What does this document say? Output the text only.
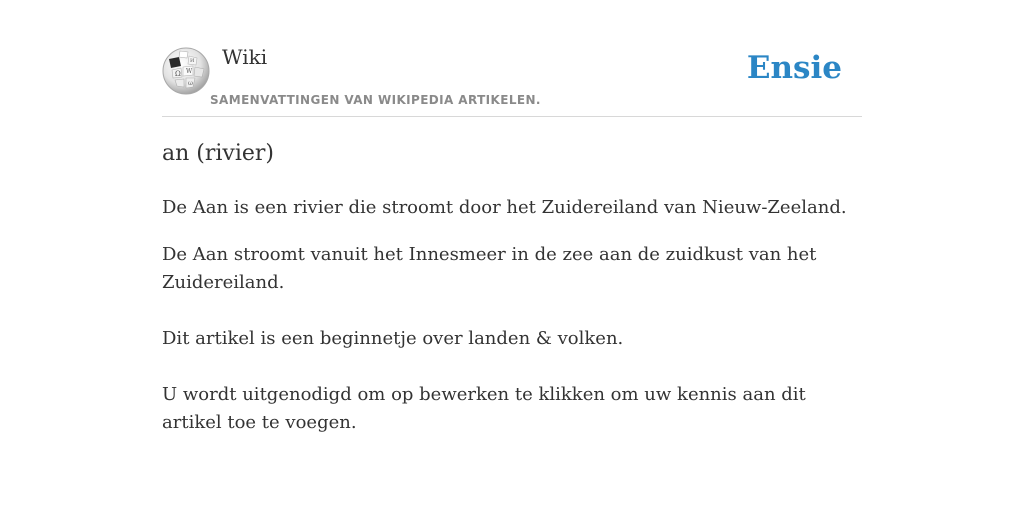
Ω W
И
ω
Wiki
SAMENVATTINGEN VAN WIKIPEDIA ARTIKELEN.
Ensie
an (rivier)

De Aan is een rivier die stroomt door het Zuidereiland van Nieuw-Zeeland.

De Aan stroomt vanuit het Innesmeer in de zee aan de zuidkust van het Zuidereiland.

Dit artikel is een beginnetje over landen & volken.

U wordt uitgenodigd om op bewerken te klikken om uw kennis aan dit artikel toe te voegen.
